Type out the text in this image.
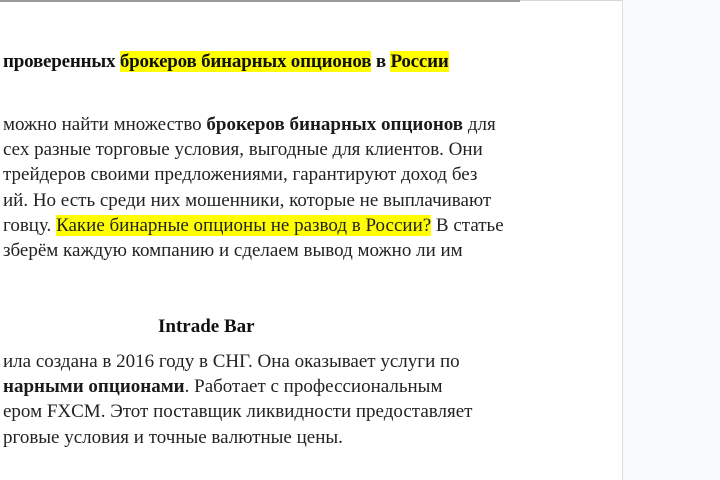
проверенных брокеров бинарных опционов в России
можно найти множество брокеров бинарных опционов для
сех разные торговые условия, выгодные для клиентов. Они
трейдеров своими предложениями, гарантируют доход без
ий. Но есть среди них мошенники, которые не выплачивают
говцу. Какие бинарные опционы не развод в России? В статье
зберём каждую компанию и сделаем вывод можно ли им
Intrade Bar
ила создана в 2016 году в СНГ. Она оказывает услуги по
нарными опционами. Работает с профессиональным
ером FXCM. Этот поставщик ликвидности предоставляет
рговые условия и точные валютные цены.
